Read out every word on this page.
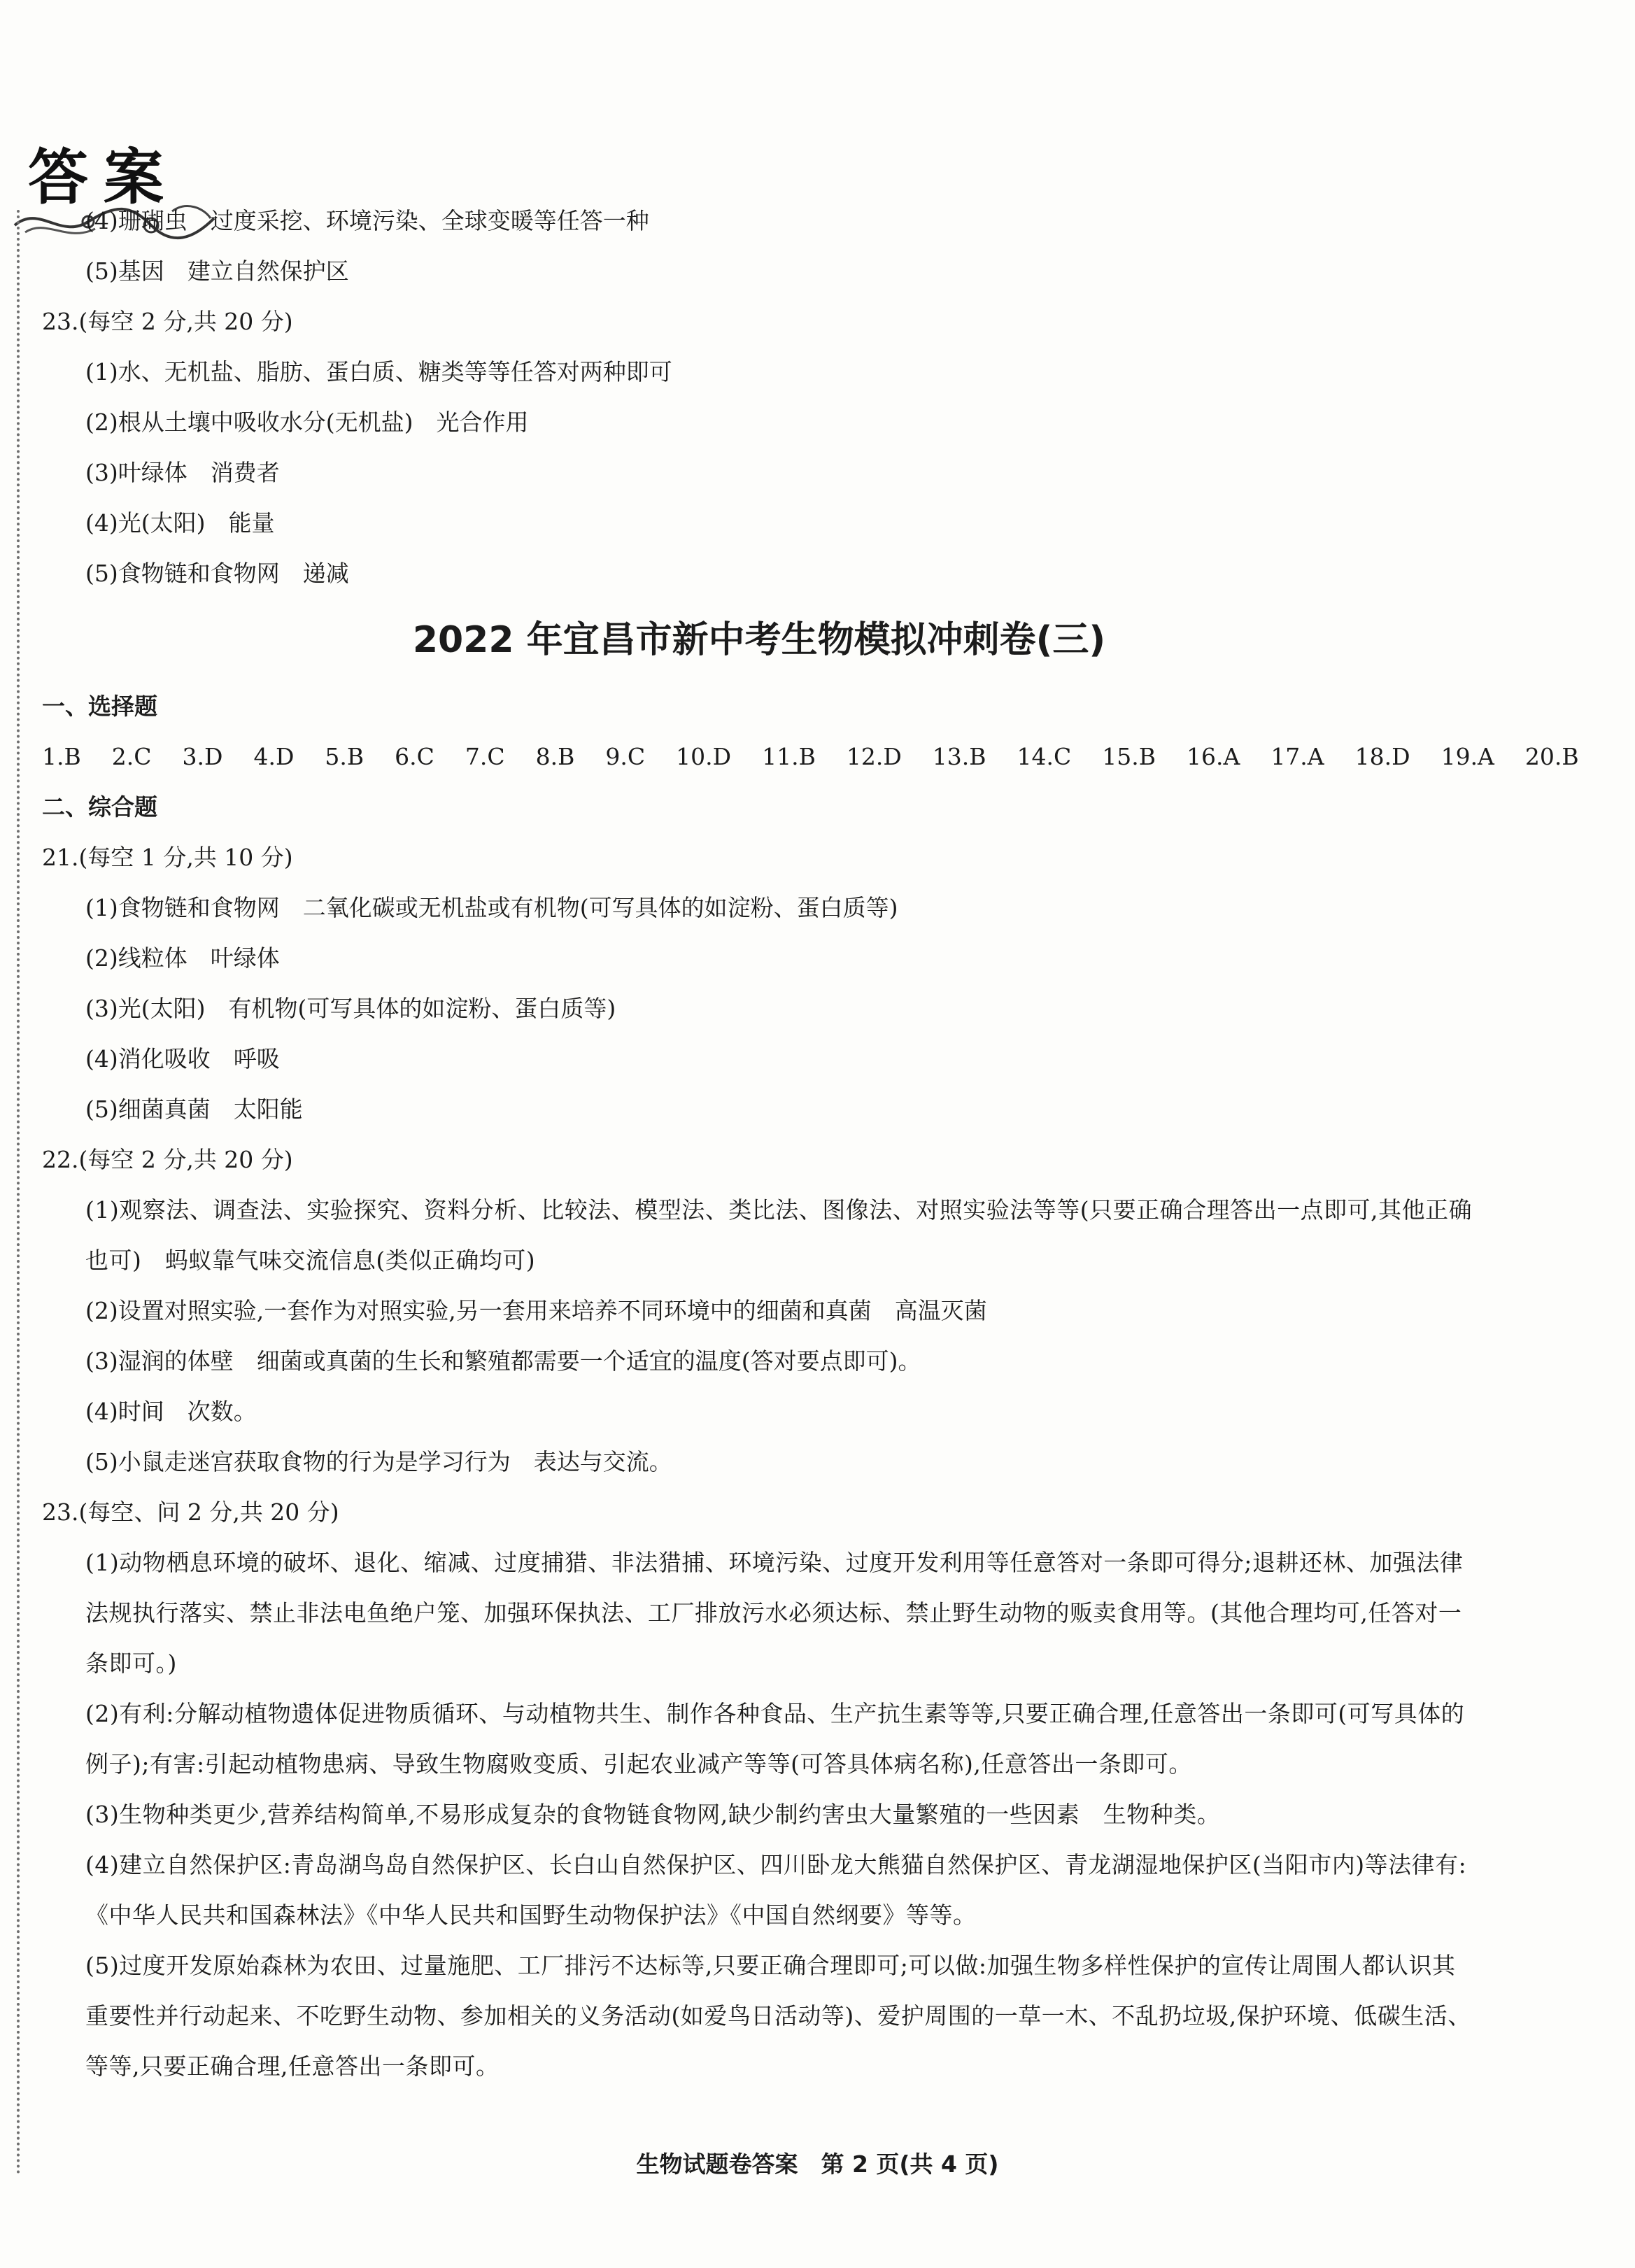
答案
(4)珊瑚虫　过度采挖、环境污染、全球变暖等任答一种
(5)基因　建立自然保护区
23.(每空 2 分,共 20 分)
(1)水、无机盐、脂肪、蛋白质、糖类等等任答对两种即可
(2)根从土壤中吸收水分(无机盐)　光合作用
(3)叶绿体　消费者
(4)光(太阳)　能量
(5)食物链和食物网　递减
2022 年宜昌市新中考生物模拟冲刺卷(三)
一、选择题
1.B 2.C 3.D 4.D 5.B 6.C 7.C 8.B 9.C 10.D 11.B 12.D 13.B 14.C 15.B 16.A 17.A 18.D 19.A 20.B
二、综合题
21.(每空 1 分,共 10 分)
(1)食物链和食物网　二氧化碳或无机盐或有机物(可写具体的如淀粉、蛋白质等)
(2)线粒体　叶绿体
(3)光(太阳)　有机物(可写具体的如淀粉、蛋白质等)
(4)消化吸收　呼吸
(5)细菌真菌　太阳能
22.(每空 2 分,共 20 分)
(1)观察法、调查法、实验探究、资料分析、比较法、模型法、类比法、图像法、对照实验法等等(只要正确合理答出一点即可,其他正确也可)　蚂蚁靠气味交流信息(类似正确均可)
(2)设置对照实验,一套作为对照实验,另一套用来培养不同环境中的细菌和真菌　高温灭菌
(3)湿润的体壁　细菌或真菌的生长和繁殖都需要一个适宜的温度(答对要点即可)。
(4)时间　次数。
(5)小鼠走迷宫获取食物的行为是学习行为　表达与交流。
23.(每空、问 2 分,共 20 分)
(1)动物栖息环境的破坏、退化、缩减、过度捕猎、非法猎捕、环境污染、过度开发利用等任意答对一条即可得分;退耕还林、加强法律法规执行落实、禁止非法电鱼绝户笼、加强环保执法、工厂排放污水必须达标、禁止野生动物的贩卖食用等。(其他合理均可,任答对一条即可。)
(2)有利:分解动植物遗体促进物质循环、与动植物共生、制作各种食品、生产抗生素等等,只要正确合理,任意答出一条即可(可写具体的例子);有害:引起动植物患病、导致生物腐败变质、引起农业减产等等(可答具体病名称),任意答出一条即可。
(3)生物种类更少,营养结构简单,不易形成复杂的食物链食物网,缺少制约害虫大量繁殖的一些因素　生物种类。
(4)建立自然保护区:青岛湖鸟岛自然保护区、长白山自然保护区、四川卧龙大熊猫自然保护区、青龙湖湿地保护区(当阳市内)等法律有:《中华人民共和国森林法》《中华人民共和国野生动物保护法》《中国自然纲要》等等。
(5)过度开发原始森林为农田、过量施肥、工厂排污不达标等,只要正确合理即可;可以做:加强生物多样性保护的宣传让周围人都认识其重要性并行动起来、不吃野生动物、参加相关的义务活动(如爱鸟日活动等)、爱护周围的一草一木、不乱扔垃圾,保护环境、低碳生活、等等,只要正确合理,任意答出一条即可。
生物试题卷答案　第 2 页(共 4 页)
